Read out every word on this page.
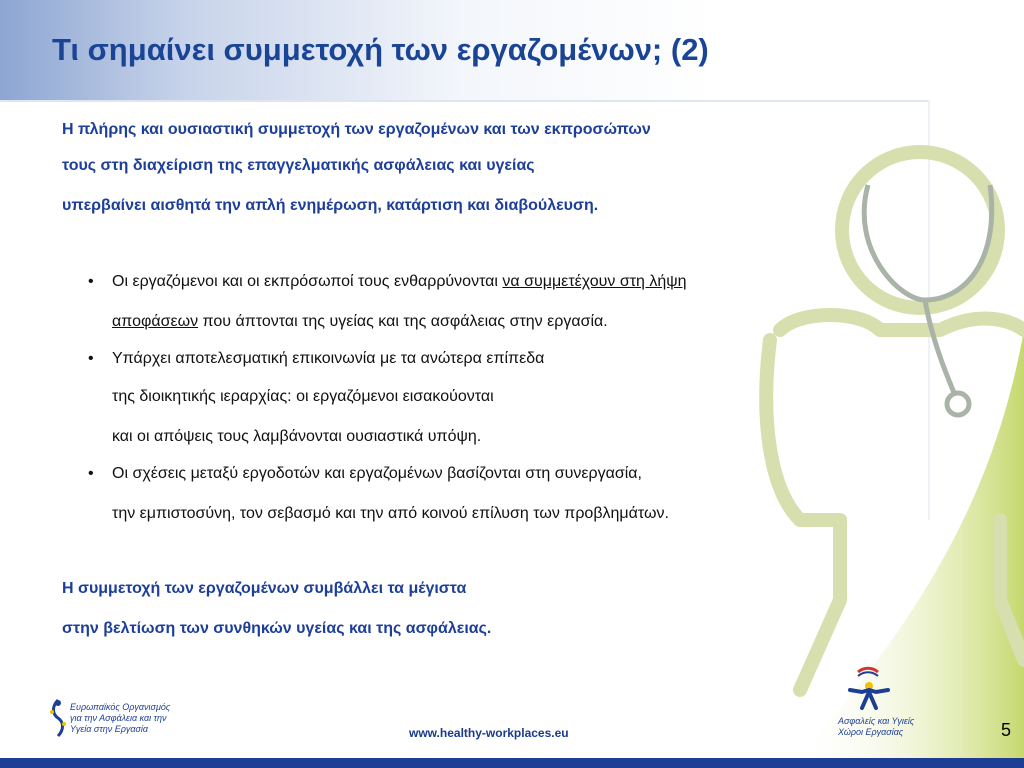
Τι σημαίνει συμμετοχή των εργαζομένων; (2)
Η πλήρης και ουσιαστική συμμετοχή των εργαζομένων και των εκπροσώπων
τους στη διαχείριση της επαγγελματικής ασφάλειας και υγείας
υπερβαίνει αισθητά την απλή ενημέρωση, κατάρτιση και διαβούλευση.
• Οι εργαζόμενοι και οι εκπρόσωποί τους ενθαρρύνονται να συμμετέχουν στη λήψη
αποφάσεων που άπτονται της υγείας και της ασφάλειας στην εργασία.
• Υπάρχει αποτελεσματική επικοινωνία με τα ανώτερα επίπεδα
της διοικητικής ιεραρχίας: οι εργαζόμενοι εισακούονται
και οι απόψεις τους λαμβάνονται ουσιαστικά υπόψη.
• Οι σχέσεις μεταξύ εργοδοτών και εργαζομένων βασίζονται στη συνεργασία,
την εμπιστοσύνη, τον σεβασμό και την από κοινού επίλυση των προβλημάτων.
Η συμμετοχή των εργαζομένων συμβάλλει τα μέγιστα
στην βελτίωση των συνθηκών υγείας και της ασφάλειας.
Ευρωπαϊκός Οργανισμός
για την Ασφάλεια και την
Υγεία στην Εργασία	www.healthy-workplaces.eu
Ασφαλείς και Υγιείς
Χώροι Εργασίας	5
